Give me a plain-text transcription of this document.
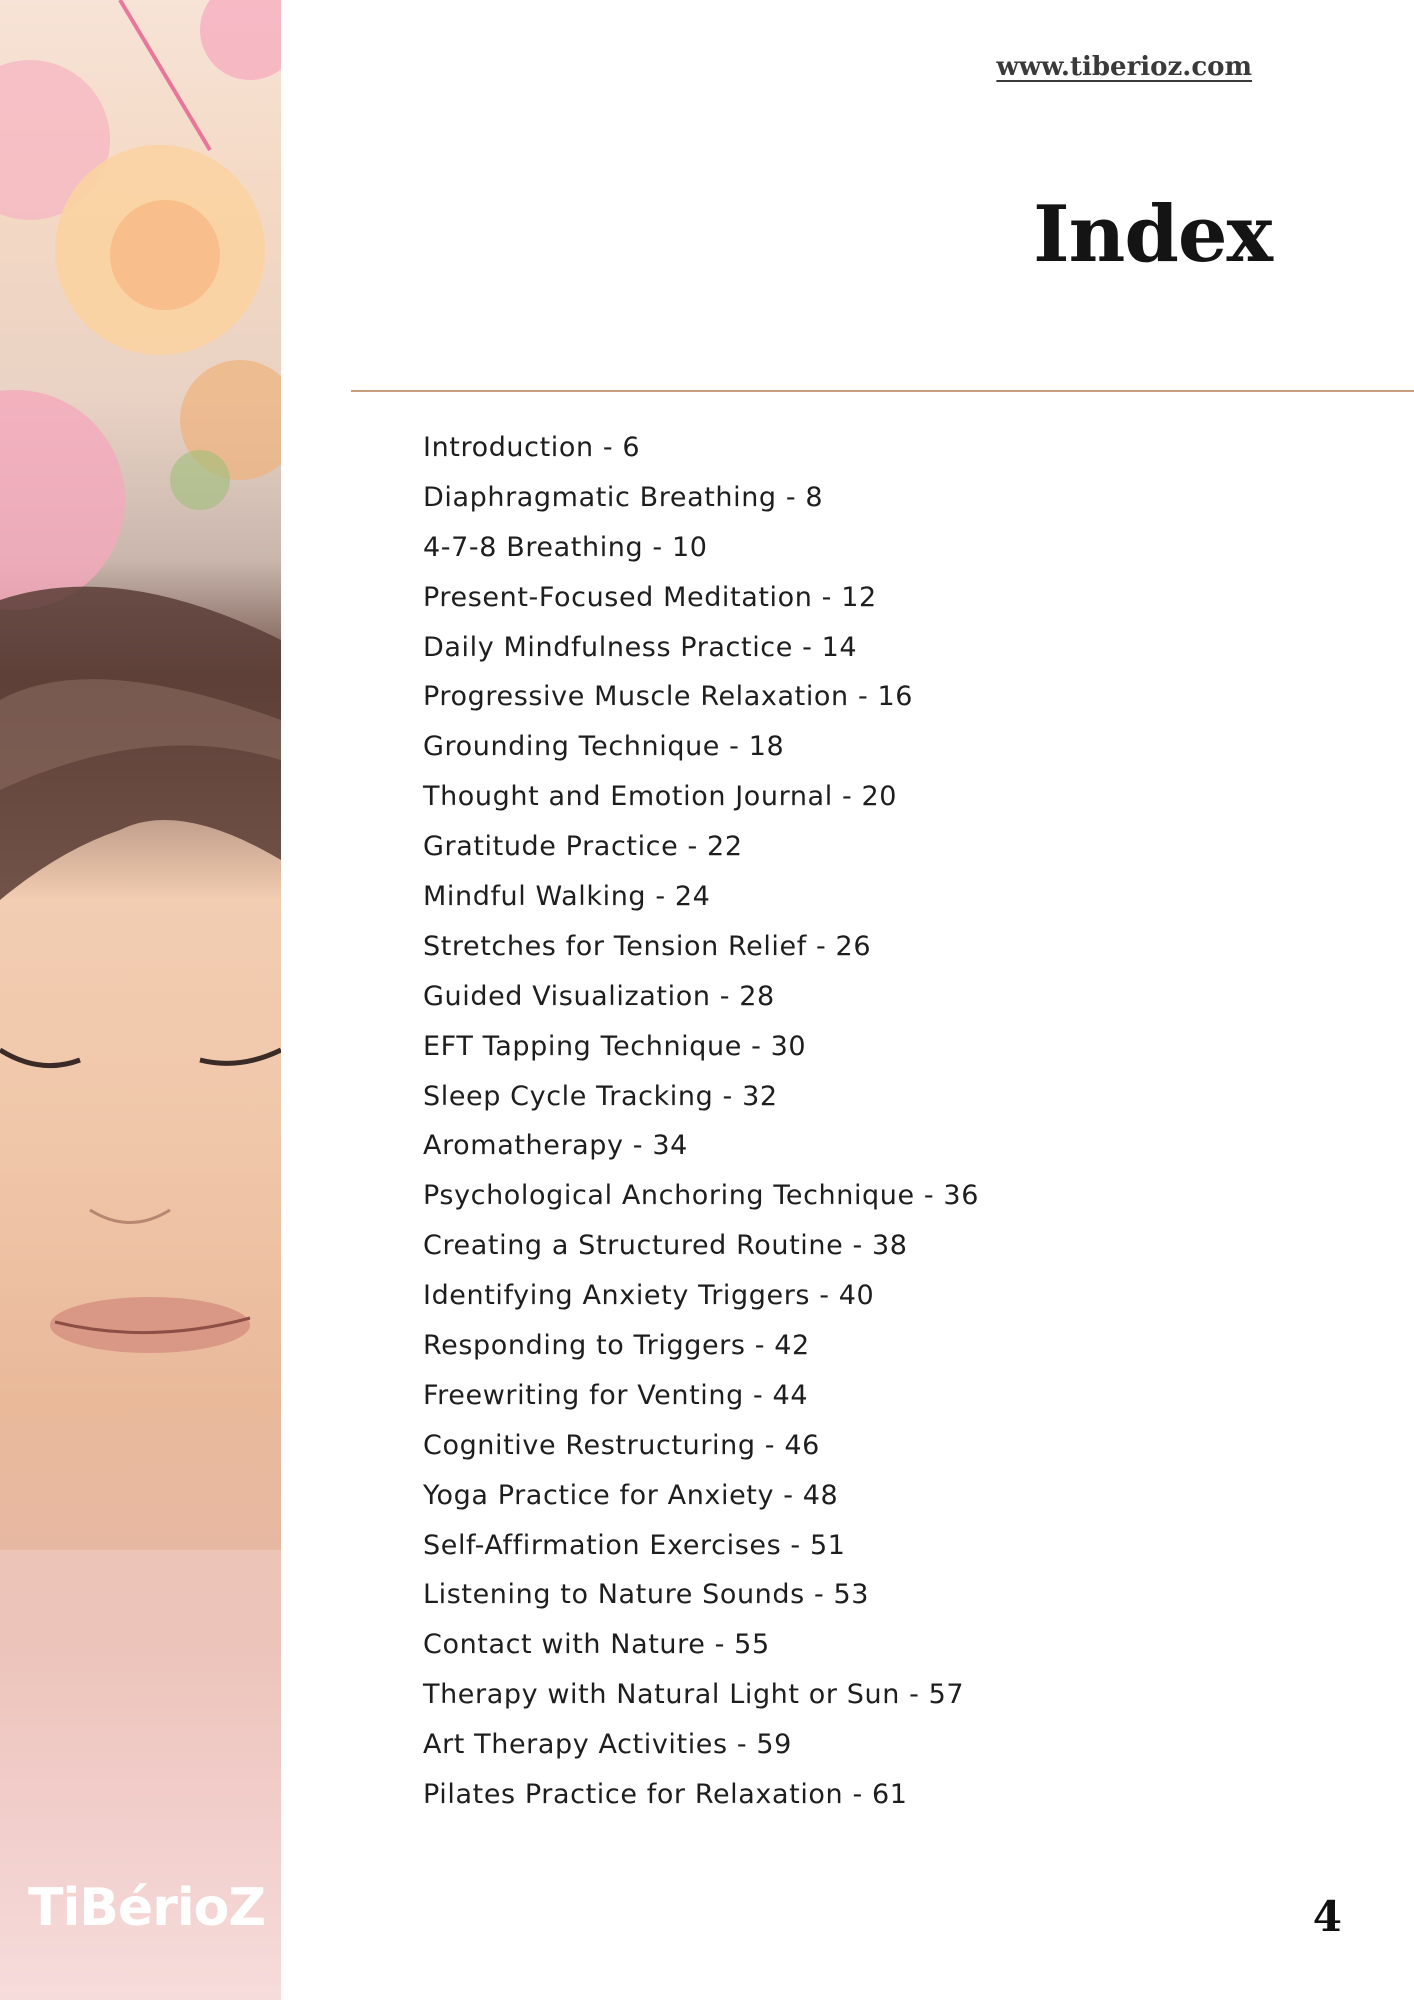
TiBérioZ
www.tiberioz.com
Index
Introduction - 6
Diaphragmatic Breathing - 8
4-7-8 Breathing - 10
Present-Focused Meditation - 12
Daily Mindfulness Practice - 14
Progressive Muscle Relaxation - 16
Grounding Technique - 18
Thought and Emotion Journal - 20
Gratitude Practice - 22
Mindful Walking - 24
Stretches for Tension Relief - 26
Guided Visualization - 28
EFT Tapping Technique - 30
Sleep Cycle Tracking - 32
Aromatherapy - 34
Psychological Anchoring Technique - 36
Creating a Structured Routine - 38
Identifying Anxiety Triggers - 40
Responding to Triggers - 42
Freewriting for Venting - 44
Cognitive Restructuring - 46
Yoga Practice for Anxiety - 48
Self-Affirmation Exercises - 51
Listening to Nature Sounds - 53
Contact with Nature - 55
Therapy with Natural Light or Sun - 57
Art Therapy Activities - 59
Pilates Practice for Relaxation - 61
4
